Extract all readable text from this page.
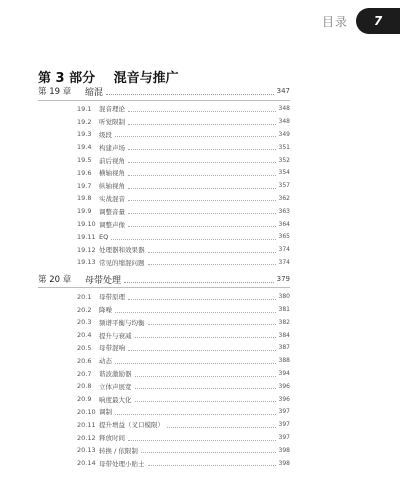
目录	7
第 3 部分 混音与推广
第 19 章	缩混	347
19.1	混音理论	348
19.2	听觉限制	348
19.3	级段	349
19.4	构建声场	351
19.5	前后视角	352
19.6	横轴视角	354
19.7	纵轴视角	357
19.8	实战混音	362
19.9	调整音量	363
19.10 调整声像	364
19.11 EQ	365
19.12 处理器和效果器	374
19.13 常见的缩混问题	374
第 20 章	母带处理	379
20.1	母带原理	380
20.2	降噪	381
20.3	频谱平衡与均衡	382
20.4	提升与衰减	384
20.5	母带混响	387
20.6	动态	388
20.7	谐波激励器	394
20.8	立体声展宽	396
20.9	响度最大化	396
20.10 调制	397
20.11 提升增益（叉口模限）	397
20.12 释放时间	397
20.13 转换 / 依限制	398
20.14 母带处理小贴士	398
